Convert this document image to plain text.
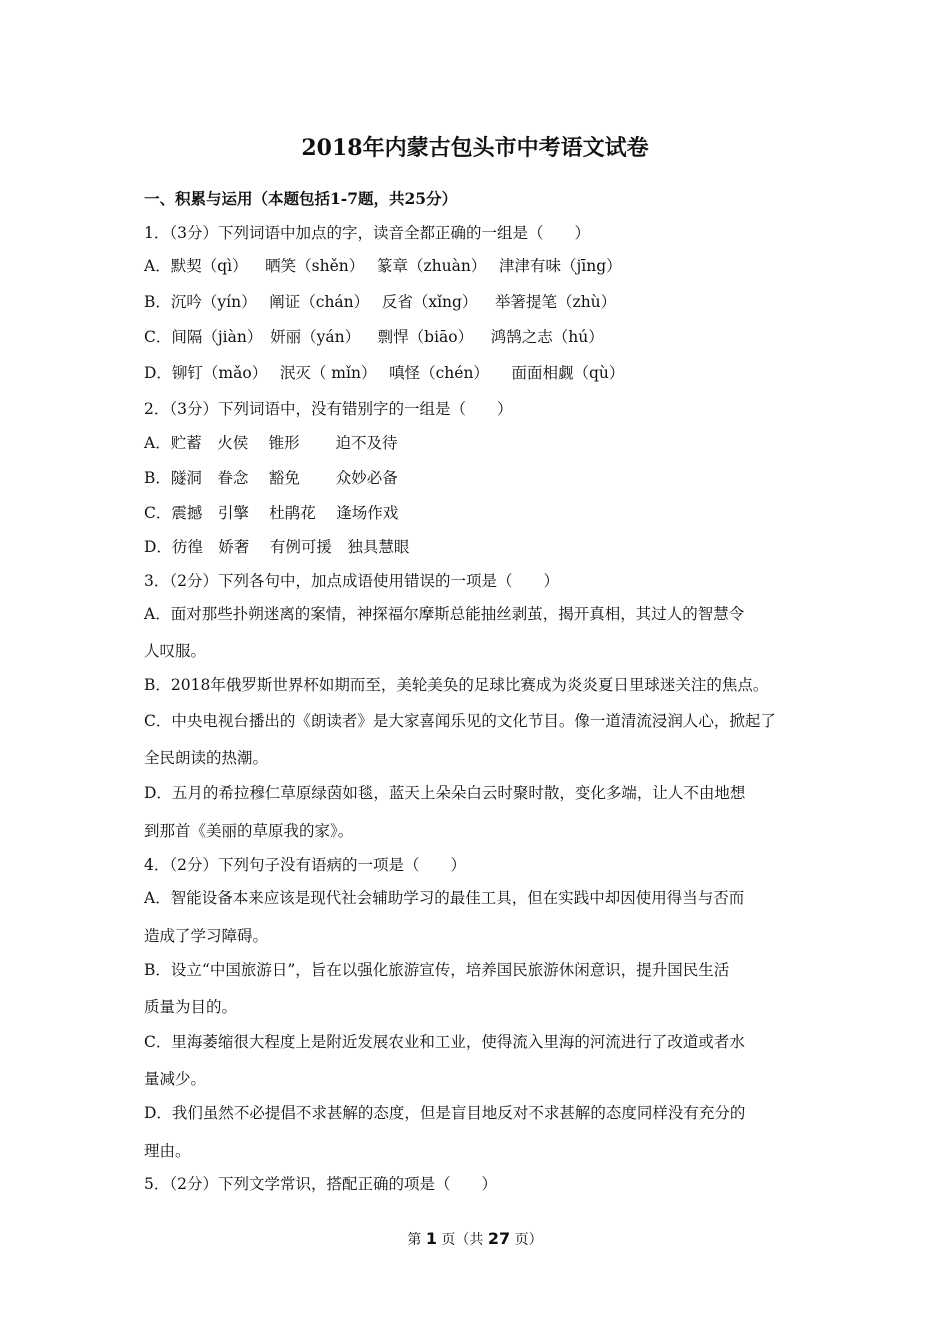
2018年内蒙古包头市中考语文试卷
一、积累与运用（本题包括1-7题，共25分）
1．（3分）下列词语中加点的字，读音全都正确的一组是（　　）
A．默契（qì）　  晒笑（shěn）　 篆章（zhuàn）　 津津有味（jīng）
B．沉吟（yín）　 阐证（chán）　 反省（xǐng）　  举箸提笔（zhù）
C．间隔（jiàn）　妍丽（yán）　  剽悍（biāo）　  鸿鹄之志（hú）
D．铆钉（mǎo）　 泯灭（ mǐn）　 嗔怪（chén）　   面面相觑（qù）
2．（3分）下列词语中，没有错别字的一组是（　　）
A．贮蓄　火侯　 锥形　　 迫不及待
B．隧洞　眷念　 豁免　　 众妙必备
C．震撼　引擎　 杜鹃花　 逢场作戏
D．彷徨　娇奢　 有例可援　独具慧眼
3．（2分）下列各句中，加点成语使用错误的一项是（　　）
A．面对那些扑朔迷离的案情，神探福尔摩斯总能抽丝剥茧，揭开真相，其过人的智慧令
人叹服。
B．2018年俄罗斯世界杯如期而至，美轮美奂的足球比赛成为炎炎夏日里球迷关注的焦点。
C．中央电视台播出的《朗读者》是大家喜闻乐见的文化节目。像一道清流浸润人心，掀起了
全民朗读的热潮。
D．五月的希拉穆仁草原绿茵如毯，蓝天上朵朵白云时聚时散，变化多端，让人不由地想
到那首《美丽的草原我的家》。
4．（2分）下列句子没有语病的一项是（　　）
A．智能设备本来应该是现代社会辅助学习的最佳工具，但在实践中却因使用得当与否而
造成了学习障碍。
B．设立“中国旅游日”，旨在以强化旅游宣传，培养国民旅游休闲意识，提升国民生活
质量为目的。
C．里海萎缩很大程度上是附近发展农业和工业，使得流入里海的河流进行了改道或者水
量减少。
D．我们虽然不必提倡不求甚解的态度，但是盲目地反对不求甚解的态度同样没有充分的
理由。
5．（2分）下列文学常识，搭配正确的项是（　　）
第 1 页（共 27 页）
